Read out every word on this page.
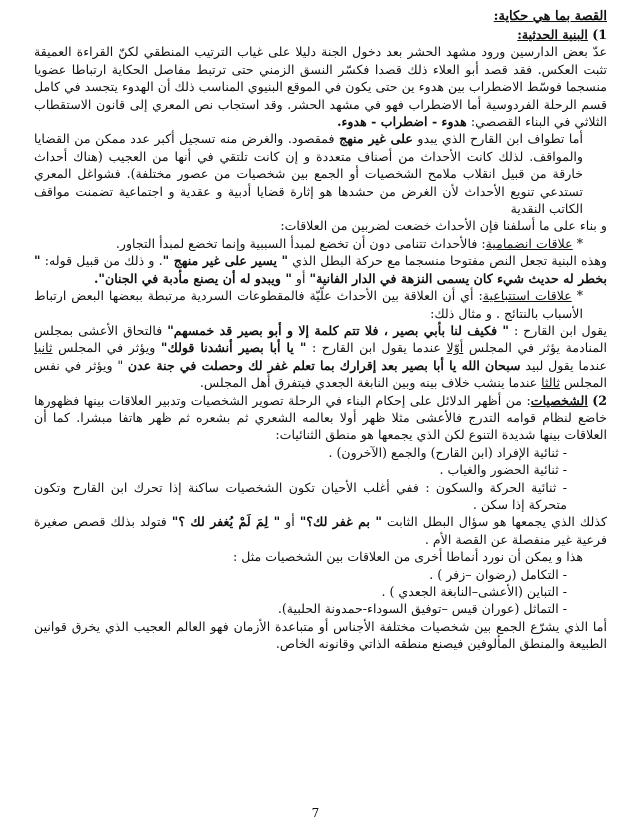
القصة بما هي حكاية:

1) البنية الحدثية:

عدّ بعض الدارسين ورود مشهد الحشر بعد دخول الجنة دليلا على غياب الترتيب المنطقي لكنّ القراءة العميقة تثبت العكس. فقد قصد أبو العلاء ذلك قصدا فكسّر النسق الزمني حتى ترتبط مفاصل الحكاية ارتباطا عضويا منسجما فوسّط الاضطراب بين هدوء ين حتى يكون في الموقع البنيوي المناسب ذلك أن الهدوء يتجسد في كامل قسم الرحلة الفردوسية أما الاضطراب فهو في مشهد الحشر. وقد استجاب نص المعري إلى قانون الاستقطاب الثلاثي في البناء القصصي: هدوء - اضطراب - هدوء.

أما تطواف ابن القارح الذي يبدو على غير منهج فمقصود. والغرض منه تسجيل أكبر عدد ممكن من القضايا والمواقف. لذلك كانت الأحداث من أصناف متعددة و إن كانت تلتقي في أنها من العجيب (هناك أحداث خارقة من قبيل انقلاب ملامح الشخصيات أو الجمع بين شخصيات من عصور مختلفة). فشواغل المعري تستدعي تنويع الأحداث لأن الغرض من حشدها هو إثارة قضايا أدبية و عقدية و اجتماعية تضمنت مواقف الكاتب النقدية

و بناء على ما أسلفنا فإن الأحداث خضعت لضربين من العلاقات:

* علاقات انضمامية: فالأحداث تتنامى دون أن تخضع لمبدأ السببية وإنما تخضع لمبدأ التجاور.

وهذه البنية تجعل النص مفتوحا منسجما مع حركة البطل الذي " يسير على غير منهج ". و ذلك من قبيل قوله: " بخطر له حديث شيء كان يسمى النزهة في الدار الفانية" أو " ويبدو له أن يصنع مأدبة في الجنان".

* علاقات استتباعية: أي أن العلاقة بين الأحداث علّيّة فالمقطوعات السردية مرتبطة ببعضها البعض ارتباط الأسباب بالنتائج . و مثال ذلك:

يقول ابن القارح : " فكيف لنا بأبي بصير ، فلا تتم كلمة إلا و أبو بصير قد خمسهم" فالتحاق الأعشى بمجلس المنادمة يؤثر في المجلس أوّلا عندما يقول ابن القارح : " يا أبا بصير أنشدنا قولك" ويؤثر في المجلس ثانيا عندما يقول لبيد سبحان الله يا أبا بصير بعد إقرارك بما تعلم غفر لك وحصلت في جنة عدن " ويؤثر في نفس المجلس ثالثا عندما ينشب خلاف بينه وبين النابغة الجعدي فيتفرق أهل المجلس.

2) الشخصيات: من أظهر الدلائل على إحكام البناء في الرحلة تصوير الشخصيات وتدبير العلاقات بينها فظهورها خاضع لنظام قوامه التدرج فالأعشى مثلا ظهر أولا بعالمه الشعري ثم بشعره ثم ظهر هاتفا مبشرا. كما أن العلاقات بينها شديدة التنوع لكن الذي يجمعها هو منطق الثنائيات:

- ثنائية الإفراد (ابن القارح) والجمع (الآخرون) .
- ثنائية الحضور والغياب .
- ثنائية الحركة والسكون : ففي أغلب الأحيان تكون الشخصيات ساكنة إذا تحرك ابن القارح وتكون متحركة إذا سكن .

كذلك الذي يجمعها هو سؤال البطل الثابت " بم غفر لك؟" أو " لِمَ لَمْ يُغفر لك ؟" فتولد بذلك قصص صغيرة فرعية غير منفصلة عن القصة الأم .

هذا و يمكن أن نورد أنماطا أخرى من العلاقات بين الشخصيات مثل :

- التكامل (رضوان –زفر ) .
- التباين (الأعشى–النابغة الجعدي ) .
- التماثل (عوران قيس –توفيق السوداء-حمدونة الحلبية).

أما الذي يشرّع الجمع بين شخصيات مختلفة الأجناس أو متباعدة الأزمان فهو العالم العجيب الذي يخرق قوانين الطبيعة والمنطق المألوفين فيصنع منطقه الذاتي وقانونه الخاص.

7
